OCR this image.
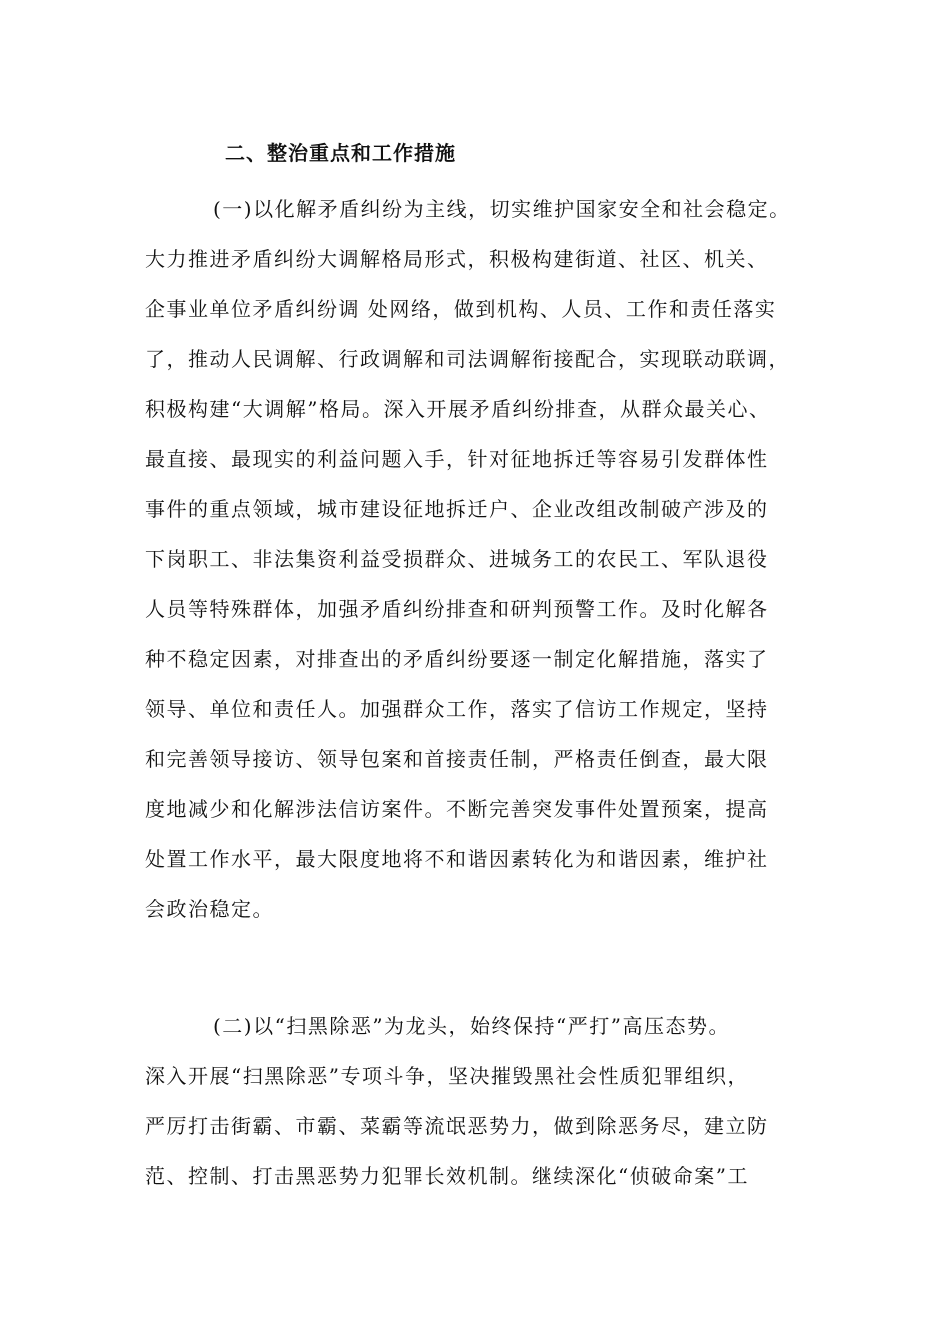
二、整治重点和工作措施
(一)以化解矛盾纠纷为主线，切实维护国家安全和社会稳定。
大力推进矛盾纠纷大调解格局形式，积极构建街道、社区、机关、
企事业单位矛盾纠纷调 处网络，做到机构、人员、工作和责任落实
了，推动人民调解、行政调解和司法调解衔接配合，实现联动联调，
积极构建“大调解”格局。深入开展矛盾纠纷排查，从群众最关心、
最直接、最现实的利益问题入手，针对征地拆迁等容易引发群体性
事件的重点领域，城市建设征地拆迁户、企业改组改制破产涉及的
下岗职工、非法集资利益受损群众、进城务工的农民工、军队退役
人员等特殊群体，加强矛盾纠纷排查和研判预警工作。及时化解各
种不稳定因素，对排查出的矛盾纠纷要逐一制定化解措施，落实了
领导、单位和责任人。加强群众工作，落实了信访工作规定，坚持
和完善领导接访、领导包案和首接责任制，严格责任倒查，最大限
度地减少和化解涉法信访案件。不断完善突发事件处置预案，提高
处置工作水平，最大限度地将不和谐因素转化为和谐因素，维护社
会政治稳定。
(二)以“扫黑除恶”为龙头，始终保持“严打”高压态势。
深入开展“扫黑除恶”专项斗争，坚决摧毁黑社会性质犯罪组织，
严厉打击街霸、市霸、菜霸等流氓恶势力，做到除恶务尽，建立防
范、控制、打击黑恶势力犯罪长效机制。继续深化“侦破命案”工
